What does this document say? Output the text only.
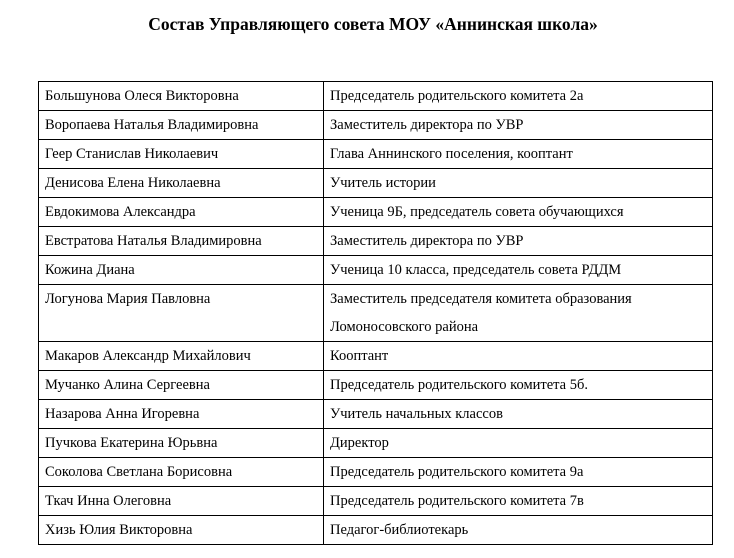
Состав Управляющего совета МОУ «Аннинская школа»
Большунова Олеся Викторовна	Председатель родительского комитета 2а
Воропаева Наталья Владимировна	Заместитель директора по УВР
Геер Станислав Николаевич	Глава Аннинского поселения, кооптант
Денисова Елена Николаевна	Учитель истории
Евдокимова Александра	Ученица 9Б, председатель совета обучающихся
Евстратова Наталья Владимировна	Заместитель директора по УВР
Кожина Диана	Ученица 10 класса, председатель совета РДДМ
Логунова Мария Павловна	Заместитель председателя комитета образования
Ломоносовского района

Макаров Александр Михайлович	Кооптант
Мучанко Алина Сергеевна	Председатель родительского комитета 5б.
Назарова Анна Игоревна	Учитель начальных классов
Пучкова Екатерина Юрьвна	Директор
Соколова Светлана Борисовна	Председатель родительского комитета 9а
Ткач Инна Олеговна	Председатель родительского комитета 7в
Хизь Юлия Викторовна	Педагог-библиотекарь
